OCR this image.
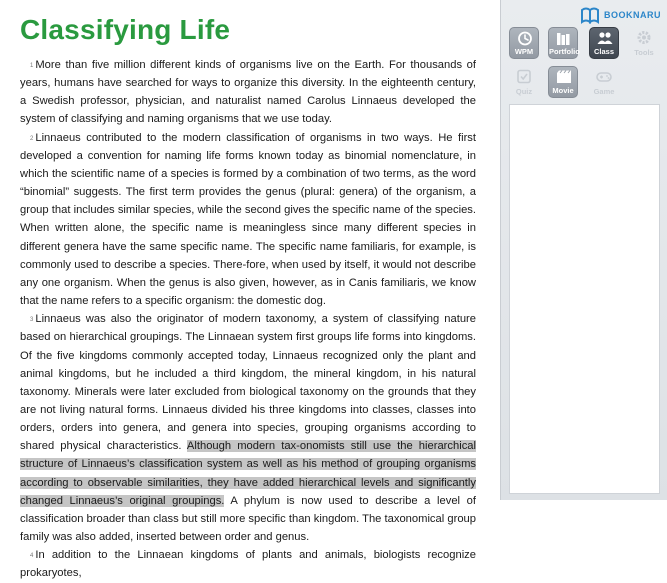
Classifying Life

$^1$ More than five million different kinds of organisms live on the Earth. For thousands of years, humans have searched for ways to organize this diversity. In the eighteenth century, a Swedish professor, physician, and naturalist named Carolus Linnaeus developed the system of classifying and naming organisms that we use today.

$^2$ Linnaeus contributed to the modern classification of organisms in two ways. He first developed a convention for naming life forms known today as binomial nomenclature, in which the scientific name of a species is formed by a combination of two terms, as the word “binomial” suggests. The first term provides the genus (plural: genera) of the organism, a group that includes similar species, while the second gives the specific name of the species. When written alone, the specific name is meaningless since many different species in different genera have the same specific name. The specific name familiaris, for example, is commonly used to describe a species. There-fore, when used by itself, it would not describe any one organism. When the genus is also given, however, as in Canis familiaris, we know that the name refers to a specific organism: the domestic dog.

$^3$ Linnaeus was also the originator of modern taxonomy, a system of classifying nature based on hierarchical groupings. The Linnaean system first groups life forms into kingdoms. Of the five kingdoms commonly accepted today, Linnaeus recognized only the plant and animal kingdoms, but he included a third kingdom, the mineral kingdom, in his natural taxonomy. Minerals were later excluded from biological taxonomy on the grounds that they are not living natural forms. Linnaeus divided his three kingdoms into classes, classes into orders, orders into genera, and genera into species, grouping organisms according to shared physical characteristics. Although modern tax-onomists still use the hierarchical structure of Linnaeus’s classification system as well as his method of grouping organisms according to observable similarities, they have added hierarchical levels and significantly changed Linnaeus’s original groupings. A phylum is now used to describe a level of classification broader than class but still more specific than kingdom. The taxonomical group family was also added, inserted between order and genus.

$^4$ In addition to the Linnaean kingdoms of plants and animals, biologists recognize prokaryotes,

BOOKNARU
WPM	Portfolio	Class	Tools
Quiz	Movie	Game
